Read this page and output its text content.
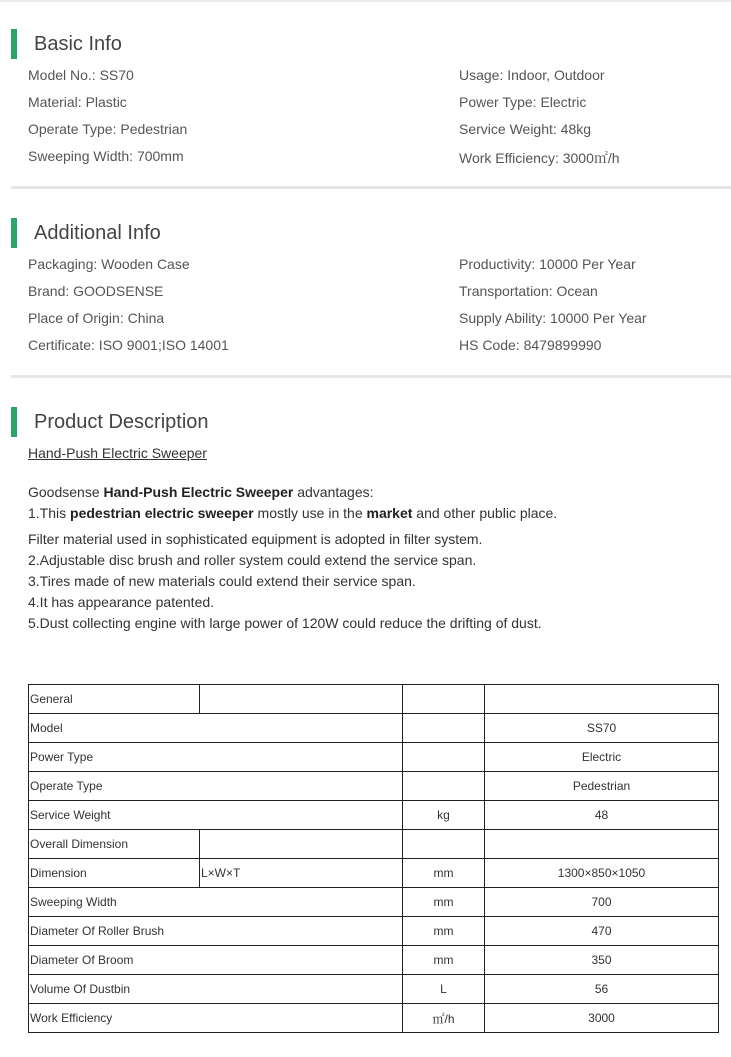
Basic Info
Model No.: SS70
Material: Plastic
Operate Type: Pedestrian
Sweeping Width: 700mm
Usage: Indoor, Outdoor
Power Type: Electric
Service Weight: 48kg
Work Efficiency: 3000㎡/h
Additional Info
Packaging: Wooden Case
Brand: GOODSENSE
Place of Origin: China
Certificate: ISO 9001;ISO 14001
Productivity: 10000 Per Year
Transportation: Ocean
Supply Ability: 10000 Per Year
HS Code: 8479899990
Product Description
Hand-Push Electric Sweeper
Goodsense Hand-Push Electric Sweeper advantages:
1.This pedestrian electric sweeper mostly use in the market and other public place.
Filter material used in sophisticated equipment is adopted in filter system.
2.Adjustable disc brush and roller system could extend the service span.
3.Tires made of new materials could extend their service span.
4.It has appearance patented.
5.Dust collecting engine with large power of 120W could reduce the drifting of dust.
General			
Model			SS70
Power Type			Electric
Operate Type			Pedestrian
Service Weight		kg	48
Overall Dimension			
Dimension	L×W×T	mm	1300×850×1050
Sweeping Width		mm	700
Diameter Of Roller Brush		mm	470
Diameter Of Broom		mm	350
Volume Of Dustbin		L	56
Work Efficiency		㎡/h	3000
